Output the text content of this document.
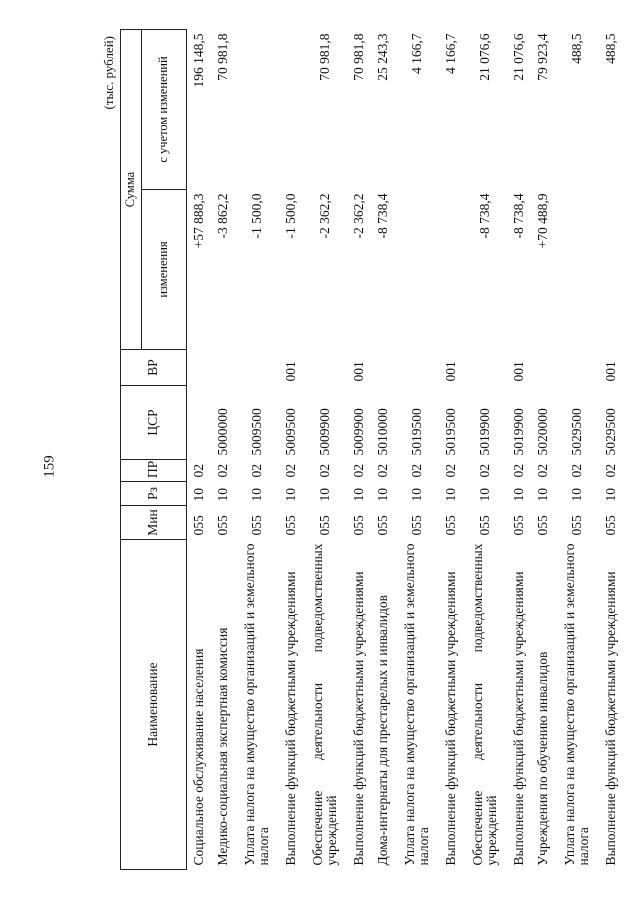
159
(тыс. рублей)
Наименование	Мин	Рз	ПР	ЦСР	ВР	Сумма	
						изменения	с учетом изменений
Социальное обслуживание населения	055	10	02			+57 888,3	196 148,5
Медико-социальная экспертная комиссия	055	10	02	5000000		-3 862,2	70 981,8
Уплата налога на имущество организаций и земельного налога	055	10	02	5009500		-1 500,0	
Выполнение функций бюджетными учреждениями	055	10	02	5009500	001	-1 500,0	
Обеспечение деятельности подведомственных учреждений	055	10	02	5009900		-2 362,2	70 981,8
Выполнение функций бюджетными учреждениями	055	10	02	5009900	001	-2 362,2	70 981,8
Дома-интернаты для престарелых и инвалидов	055	10	02	5010000		-8 738,4	25 243,3
Уплата налога на имущество организаций и земельного налога	055	10	02	5019500			4 166,7
Выполнение функций бюджетными учреждениями	055	10	02	5019500	001		4 166,7
Обеспечение деятельности подведомственных учреждений	055	10	02	5019900		-8 738,4	21 076,6
Выполнение функций бюджетными учреждениями	055	10	02	5019900	001	-8 738,4	21 076,6
Учреждения по обучению инвалидов	055	10	02	5020000		+70 488,9	79 923,4
Уплата налога на имущество организаций и земельного налога	055	10	02	5029500			488,5
Выполнение функций бюджетными учреждениями	055	10	02	5029500	001		488,5
